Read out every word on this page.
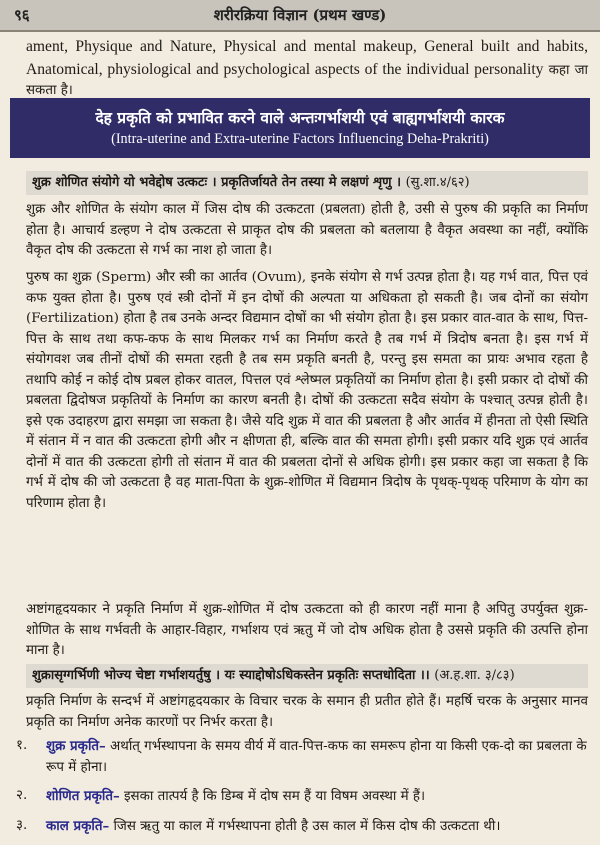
९६	शरीरक्रिया विज्ञान (प्रथम खण्ड)
ament, Physique and Nature, Physical and mental makeup, General built and habits, Anatomical, physiological and psychological aspects of the individual personality कहा जा सकता है।
देह प्रकृति को प्रभावित करने वाले अन्तःगर्भाशयी एवं बाह्यगर्भाशयी कारक
(Intra-uterine and Extra-uterine Factors Influencing Deha-Prakriti)
शुक्र शोणित संयोगे यो भवेद्दोष उत्कटः । प्रकृतिर्जायते तेन तस्या मे लक्षणं शृणु । (सु.शा.४/६२)
शुक्र और शोणित के संयोग काल में जिस दोष की उत्कटता (प्रबलता) होती है, उसी से पुरुष की प्रकृति का निर्माण होता है। आचार्य डल्हण ने दोष उत्कटता से प्राकृत दोष की प्रबलता को बतलाया है वैकृत अवस्था का नहीं, क्योंकि वैकृत दोष की उत्कटता से गर्भ का नाश हो जाता है।
पुरुष का शुक्र (Sperm) और स्त्री का आर्तव (Ovum), इनके संयोग से गर्भ उत्पन्न होता है। यह गर्भ वात, पित्त एवं कफ युक्त होता है। पुरुष एवं स्त्री दोनों में इन दोषों की अल्पता या अधिकता हो सकती है। जब दोनों का संयोग (Fertilization) होता है तब उनके अन्दर विद्यमान दोषों का भी संयोग होता है। इस प्रकार वात-वात के साथ, पित्त-पित्त के साथ तथा कफ-कफ के साथ मिलकर गर्भ का निर्माण करते है तब गर्भ में त्रिदोष बनता है। इस गर्भ में संयोगवश जब तीनों दोषों की समता रहती है तब सम प्रकृति बनती है, परन्तु इस समता का प्रायः अभाव रहता है तथापि कोई न कोई दोष प्रबल होकर वातल, पित्तल एवं श्लेष्मल प्रकृतियों का निर्माण होता है। इसी प्रकार दो दोषों की प्रबलता द्विदोषज प्रकृतियों के निर्माण का कारण बनती है। दोषों की उत्कटता सदैव संयोग के पश्चात् उत्पन्न होती है। इसे एक उदाहरण द्वारा समझा जा सकता है। जैसे यदि शुक्र में वात की प्रबलता है और आर्तव में हीनता तो ऐसी स्थिति में संतान में न वात की उत्कटता होगी और न क्षीणता ही, बल्कि वात की समता होगी। इसी प्रकार यदि शुक्र एवं आर्तव दोनों में वात की उत्कटता होगी तो संतान में वात की प्रबलता दोनों से अधिक होगी। इस प्रकार कहा जा सकता है कि गर्भ में दोष की जो उत्कटता है वह माता-पिता के शुक्र-शोणित में विद्यमान त्रिदोष के पृथक्-पृथक् परिमाण के योग का परिणाम होता है।
अष्टांगहृदयकार ने प्रकृति निर्माण में शुक्र-शोणित में दोष उत्कटता को ही कारण नहीं माना है अपितु उपर्युक्त शुक्र-शोणित के साथ गर्भवती के आहार-विहार, गर्भाशय एवं ऋतु में जो दोष अधिक होता है उससे प्रकृति की उत्पत्ति होना माना है।
शुक्रासृग्गर्भिणी भोज्य चेष्टा गर्भाशयर्तुषु । यः स्याद्दोषोऽधिकस्तेन प्रकृतिः सप्तधोदिता ।। (अ.ह.शा. ३/८३)
प्रकृति निर्माण के सन्दर्भ में अष्टांगहृदयकार के विचार चरक के समान ही प्रतीत होते हैं। महर्षि चरक के अनुसार मानव प्रकृति का निर्माण अनेक कारणों पर निर्भर करता है।
१.	शुक्र प्रकृति– अर्थात् गर्भस्थापना के समय वीर्य में वात-पित्त-कफ का समरूप होना या किसी एक-दो का प्रबलता के रूप में होना।
२.	शोणित प्रकृति– इसका तात्पर्य है कि डिम्ब में दोष सम हैं या विषम अवस्था में हैं।
३.	काल प्रकृति– जिस ऋतु या काल में गर्भस्थापना होती है उस काल में किस दोष की उत्कटता थी।
